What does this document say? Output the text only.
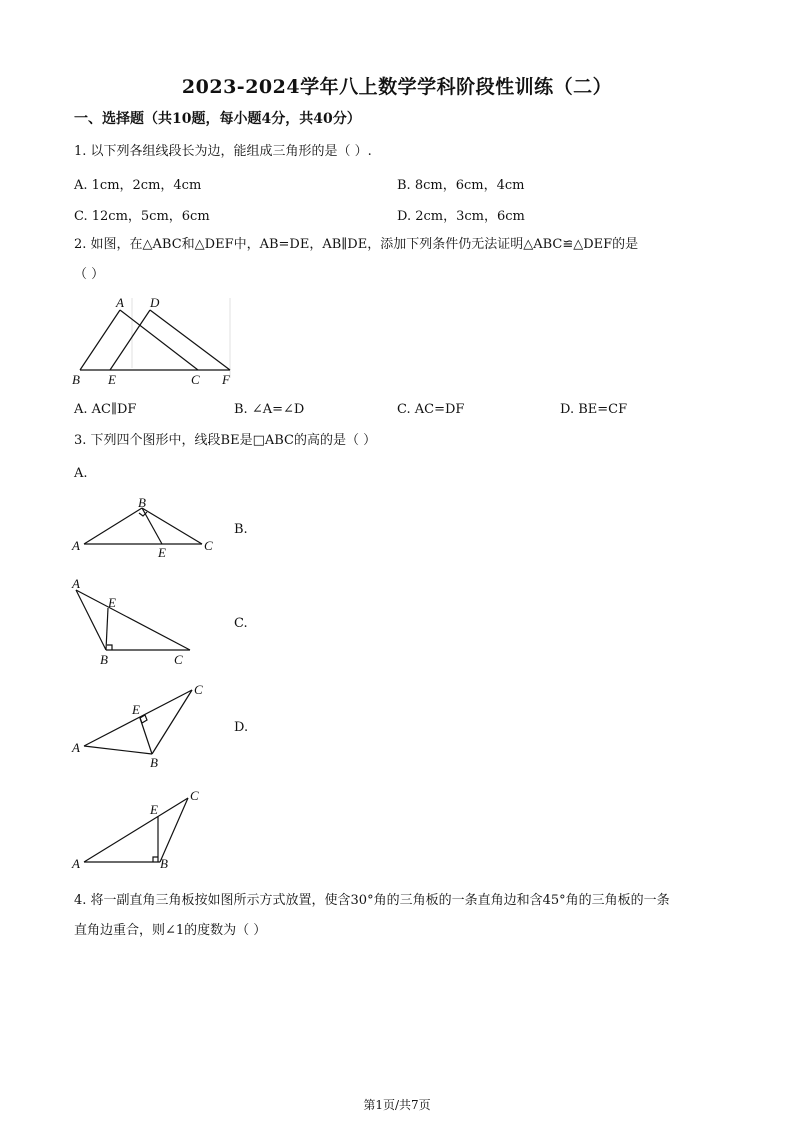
2023-2024学年八上数学学科阶段性训练（二）
一、选择题（共10题，每小题4分，共40分）
1. 以下列各组线段长为边，能组成三角形的是（ ）.
A. 1cm，2cm，4cm	B. 8cm，6cm，4cm
C. 12cm，5cm，6cm	D. 2cm，3cm，6cm
2. 如图，在△ABC和△DEF中，AB=DE，AB∥DE，添加下列条件仍无法证明△ABC≌△DEF的是
（ ）
A D
B E	C F
A. AC∥DF	B. ∠A=∠D	C. AC=DF	D. BE=CF
3. 下列四个图形中，线段BE是□ABC的高的是（ ）
A.
B
A	C
E
B.
A
E
B	C
C.
C
E
A
B
D.
C
E
A	B
4. 将一副直角三角板按如图所示方式放置，使含30°角的三角板的一条直角边和含45°角的三角板的一条
直角边重合，则∠1的度数为（ ）
第1页/共7页
